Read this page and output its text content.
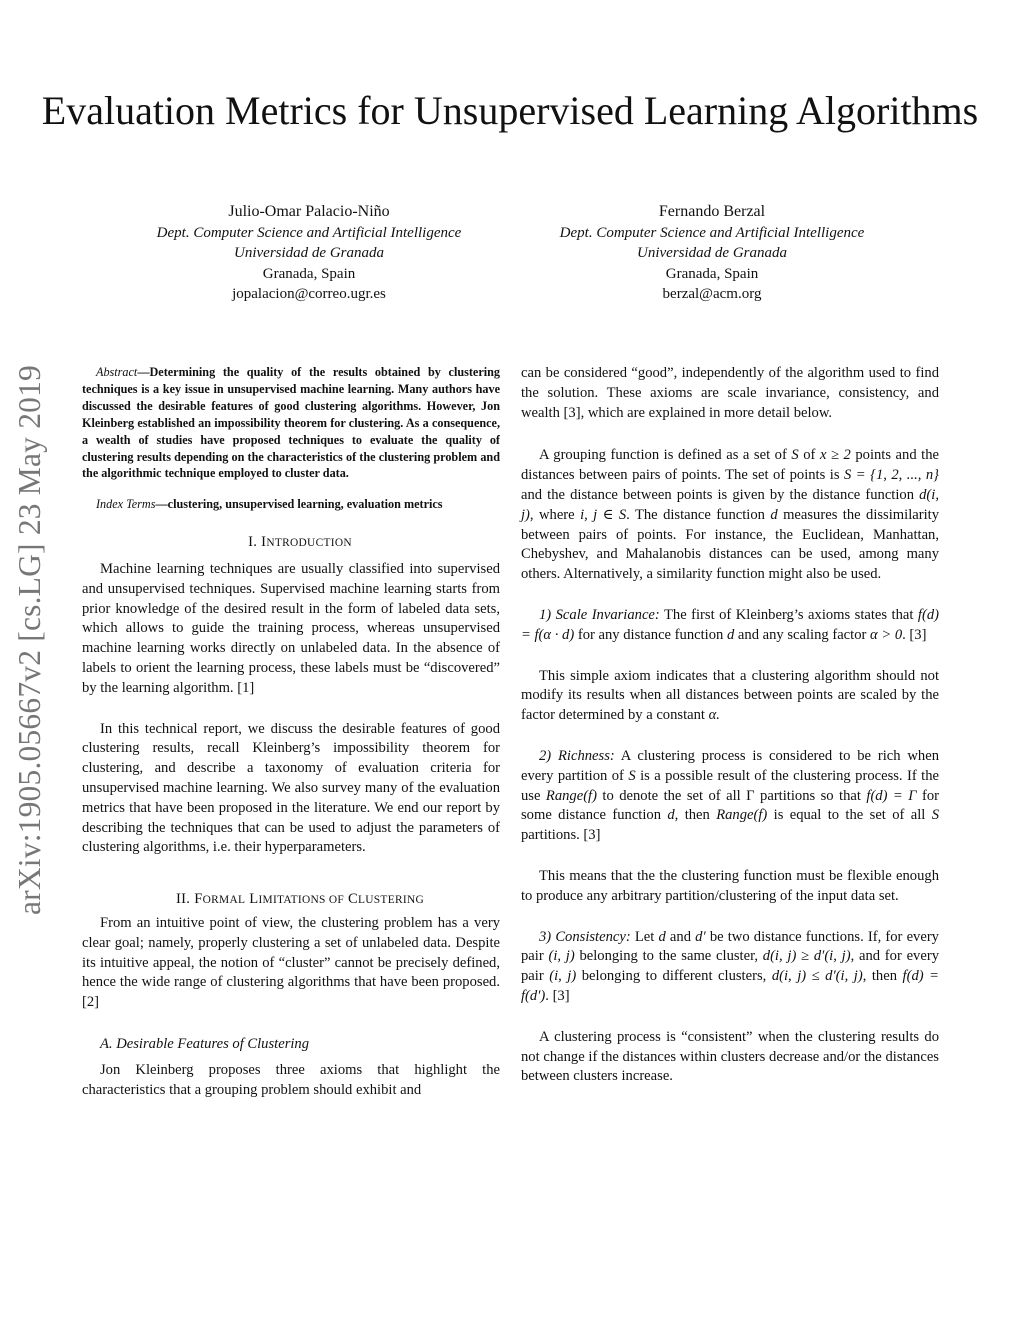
Evaluation Metrics for Unsupervised Learning Algorithms
Julio-Omar Palacio-Niño
Dept. Computer Science and Artificial Intelligence
Universidad de Granada
Granada, Spain
jopalacion@correo.ugr.es
Fernando Berzal
Dept. Computer Science and Artificial Intelligence
Universidad de Granada
Granada, Spain
berzal@acm.org
arXiv:1905.05667v2 [cs.LG] 23 May 2019	Abstract—Determining the quality of the results obtained by clustering techniques is a key issue in unsupervised machine learning. Many authors have discussed the desirable features of good clustering algorithms. However, Jon Kleinberg established an impossibility theorem for clustering. As a consequence, a wealth of studies have proposed techniques to evaluate the quality of clustering results depending on the characteristics of the clustering problem and the algorithmic technique employed to cluster data.

Index Terms—clustering, unsupervised learning, evaluation metrics

I. INTRODUCTION

Machine learning techniques are usually classified into supervised and unsupervised techniques. Supervised machine learning starts from prior knowledge of the desired result in the form of labeled data sets, which allows to guide the training process, whereas unsupervised machine learning works directly on unlabeled data. In the absence of labels to orient the learning process, these labels must be “discovered” by the learning algorithm. [1]

In this technical report, we discuss the desirable features of good clustering results, recall Kleinberg’s impossibility theorem for clustering, and describe a taxonomy of evaluation criteria for unsupervised machine learning. We also survey many of the evaluation metrics that have been proposed in the literature. We end our report by describing the techniques that can be used to adjust the parameters of clustering algorithms, i.e. their hyperparameters.

II. FORMAL LIMITATIONS OF CLUSTERING

From an intuitive point of view, the clustering problem has a very clear goal; namely, properly clustering a set of unlabeled data. Despite its intuitive appeal, the notion of “cluster” cannot be precisely defined, hence the wide range of clustering algorithms that have been proposed. [2]

A. Desirable Features of Clustering

Jon Kleinberg proposes three axioms that highlight the characteristics that a grouping problem should exhibit and

can be considered “good”, independently of the algorithm used to find the solution. These axioms are scale invariance, consistency, and wealth [3], which are explained in more detail below.

A grouping function is defined as a set of S of x ≥ 2 points and the distances between pairs of points. The set of points is S = {1, 2, ..., n} and the distance between points is given by the distance function d(i, j), where i, j ∈ S. The distance function d measures the dissimilarity between pairs of points. For instance, the Euclidean, Manhattan, Chebyshev, and Mahalanobis distances can be used, among many others. Alternatively, a similarity function might also be used.

1) Scale Invariance: The first of Kleinberg’s axioms states that f(d) = f(α · d) for any distance function d and any scaling factor α > 0. [3]

This simple axiom indicates that a clustering algorithm should not modify its results when all distances between points are scaled by the factor determined by a constant α.

2) Richness: A clustering process is considered to be rich when every partition of S is a possible result of the clustering process. If the use Range(f) to denote the set of all Γ partitions so that f(d) = Γ for some distance function d, then Range(f) is equal to the set of all S partitions. [3]

This means that the the clustering function must be flexible enough to produce any arbitrary partition/clustering of the input data set.

3) Consistency: Let d and d′ be two distance functions. If, for every pair (i, j) belonging to the same cluster, d(i, j) ≥ d′(i, j), and for every pair (i, j) belonging to different clusters, d(i, j) ≤ d′(i, j), then f(d) = f(d′). [3]

A clustering process is “consistent” when the clustering results do not change if the distances within clusters decrease and/or the distances between clusters increase.
